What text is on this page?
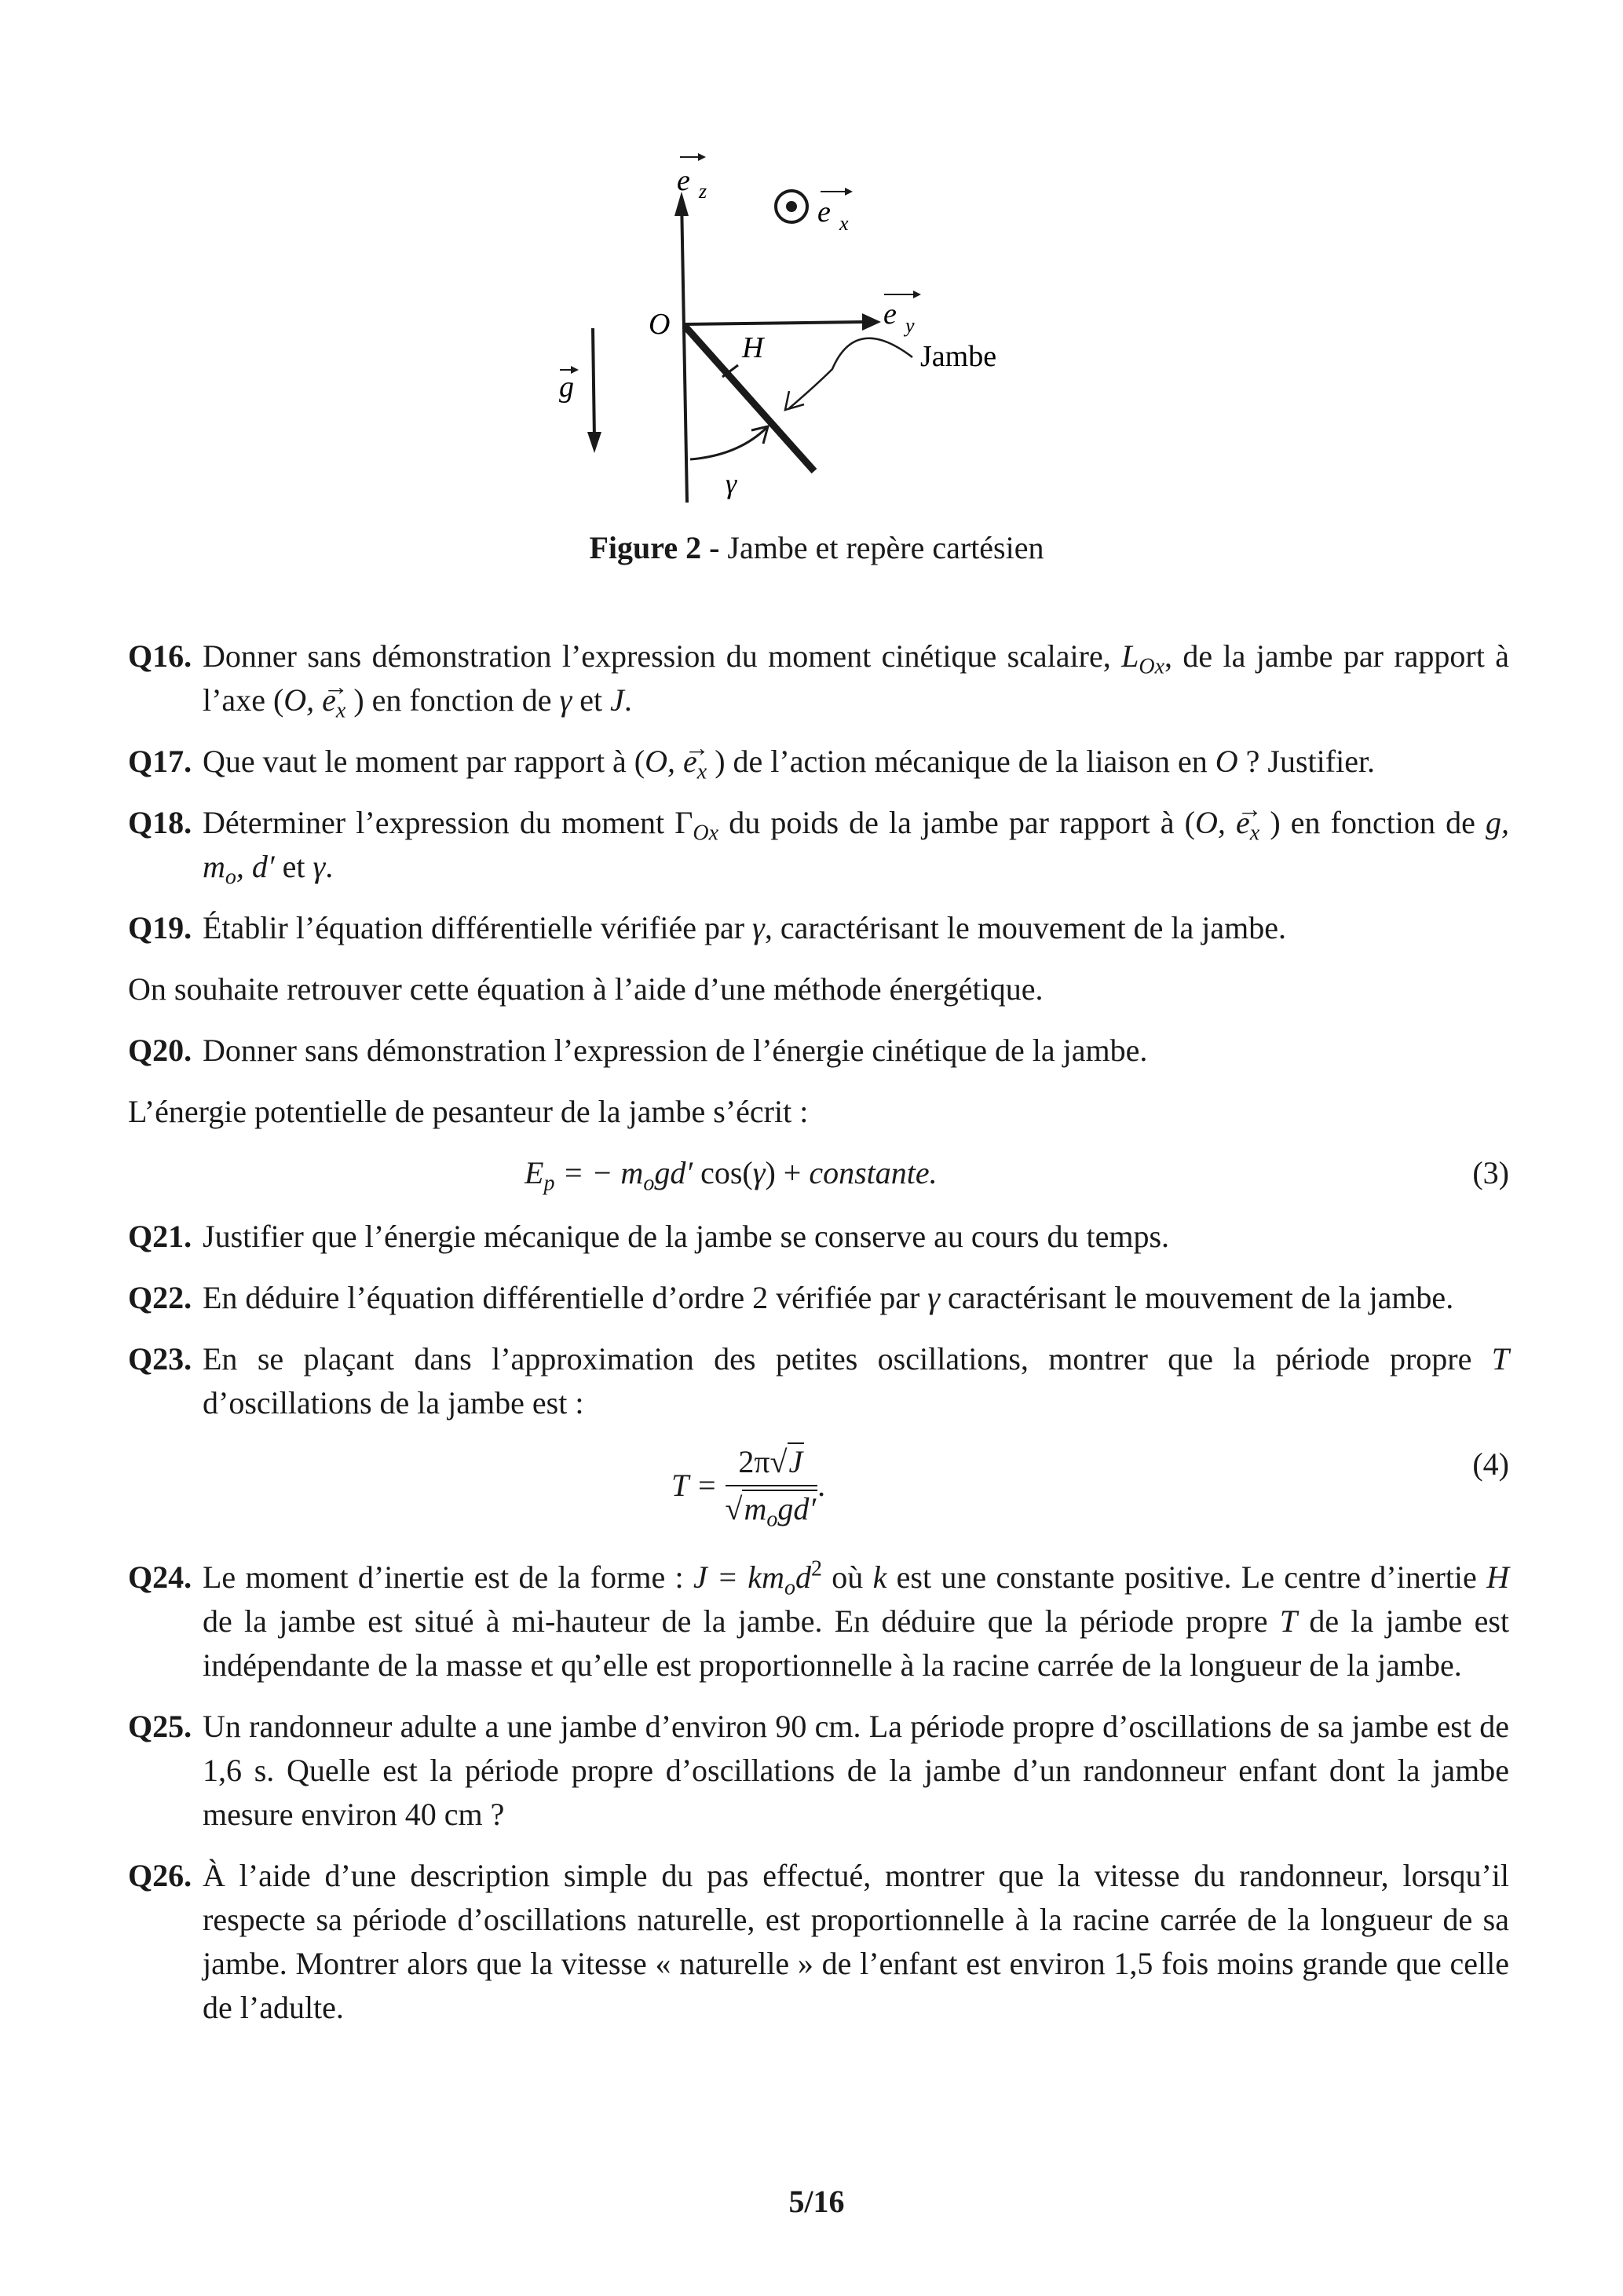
e z
e x
e y
O
H
g
γ
Jambe
Figure 2 - Jambe et repère cartésien
Q16. Donner sans démonstration l’expression du moment cinétique scalaire, $L_{Ox}$, de la jambe par rapport à l’axe (O, → $e_x$ ) en fonction de γ et J.
Q17. Que vaut le moment par rapport à (O, → $e_x$ ) de l’action mécanique de la liaison en O ? Justifier.
Q18. Déterminer l’expression du moment $\Gamma_{Ox}$ du poids de la jambe par rapport à (O, → $e_x$ ) en fonction de g, $m_o$, d′ et γ.
Q19. Établir l’équation différentielle vérifiée par γ, caractérisant le mouvement de la jambe.
On souhaite retrouver cette équation à l’aide d’une méthode énergétique.
Q20. Donner sans démonstration l’expression de l’énergie cinétique de la jambe.
L’énergie potentielle de pesanteur de la jambe s’écrit :
$E_p$ = − $m_ogd'$ cos(γ) + constante.	(3)
Q21. Justifier que l’énergie mécanique de la jambe se conserve au cours du temps.
Q22. En déduire l’équation différentielle d’ordre 2 vérifiée par γ caractérisant le mouvement de la jambe.
Q23. En se plaçant dans l’approximation des petites oscillations, montrer que la période propre T d’oscillations de la jambe est :
$T = \frac{2\pi√J}{√m_ogd'}$ .
(4)
Q24. Le moment d’inertie est de la forme : $J = km_od^2$ où k est une constante positive. Le centre d’inertie H de la jambe est situé à mi-hauteur de la jambe. En déduire que la période propre T de la jambe est indépendante de la masse et qu’elle est proportionnelle à la racine carrée de la longueur de la jambe.
Q25. Un randonneur adulte a une jambe d’environ 90 cm. La période propre d’oscillations de sa jambe est de 1,6 s. Quelle est la période propre d’oscillations de la jambe d’un randonneur enfant dont la jambe mesure environ 40 cm ?
Q26. À l’aide d’une description simple du pas effectué, montrer que la vitesse du randonneur, lorsqu’il respecte sa période d’oscillations naturelle, est proportionnelle à la racine carrée de la longueur de sa jambe. Montrer alors que la vitesse « naturelle » de l’enfant est environ 1,5 fois moins grande que celle de l’adulte.
5/16
